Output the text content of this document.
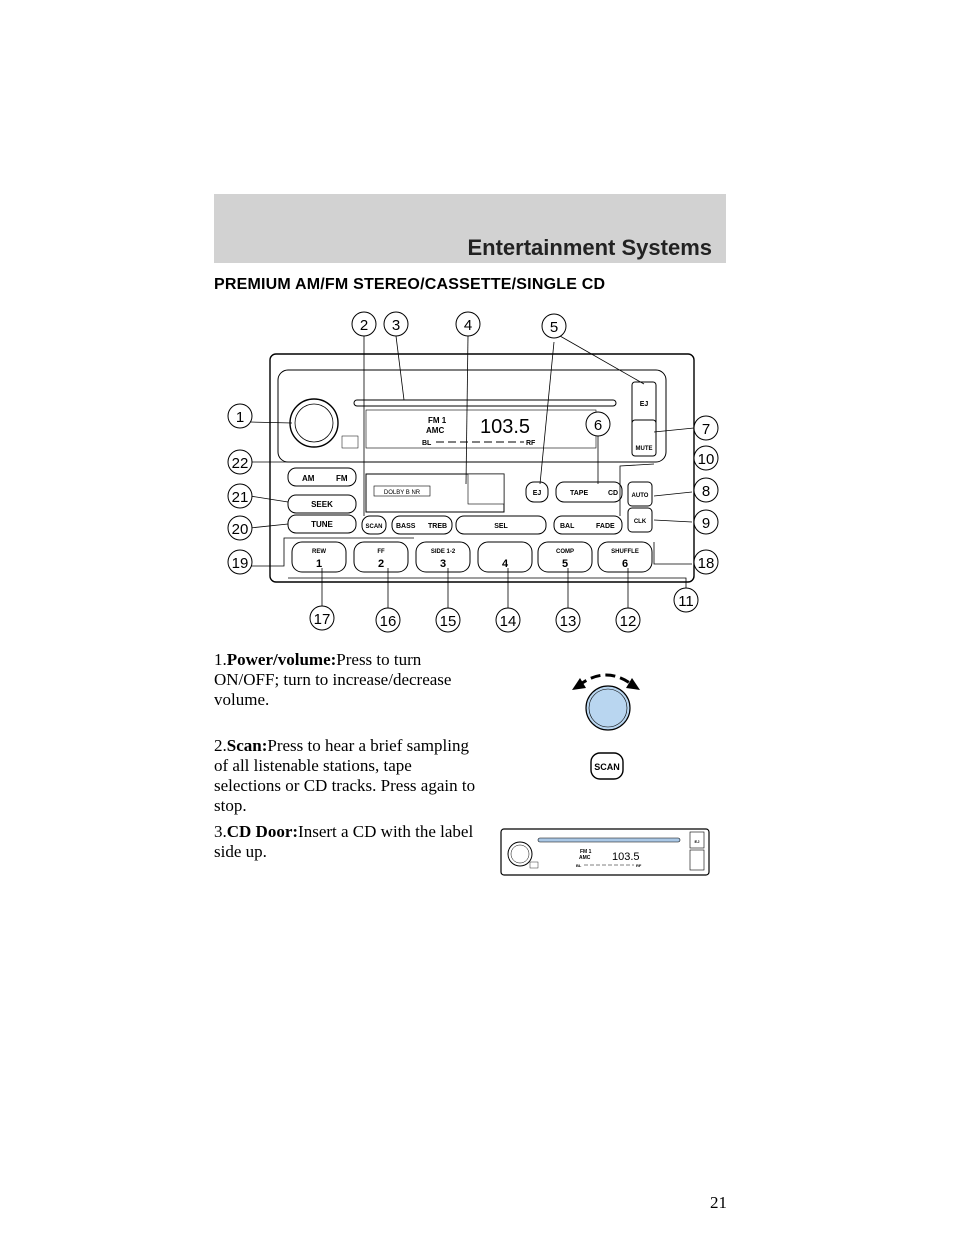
Entertainment Systems
PREMIUM AM/FM STEREO/CASSETTE/SINGLE CD
EJ
MUTE
FM 1
AMC 103.5
BL	RF
AM	FM
SEEK
TUNE
DOLBY B NR	EJ	TAPE	CD AUTO
CLK
SCAN BASS TREB	SEL	BAL	FADE
REW	FF	SIDE 1-2	COMP	SHUFFLE
1	2	3	4	5	6
1
2 3	4	5
6	7
8
9
10
11
12
13
14
15
16
17
18
19
20
21
22
1.Power/volume:Press to turn ON/OFF; turn to increase/decrease volume.
2.Scan:Press to hear a brief sampling of all listenable stations, tape selections or CD tracks. Press again to stop.
3.CD Door:Insert a CD with the label side up.
SCAN
EJ
FM 1
AMC 103.5
BL	RF
21
